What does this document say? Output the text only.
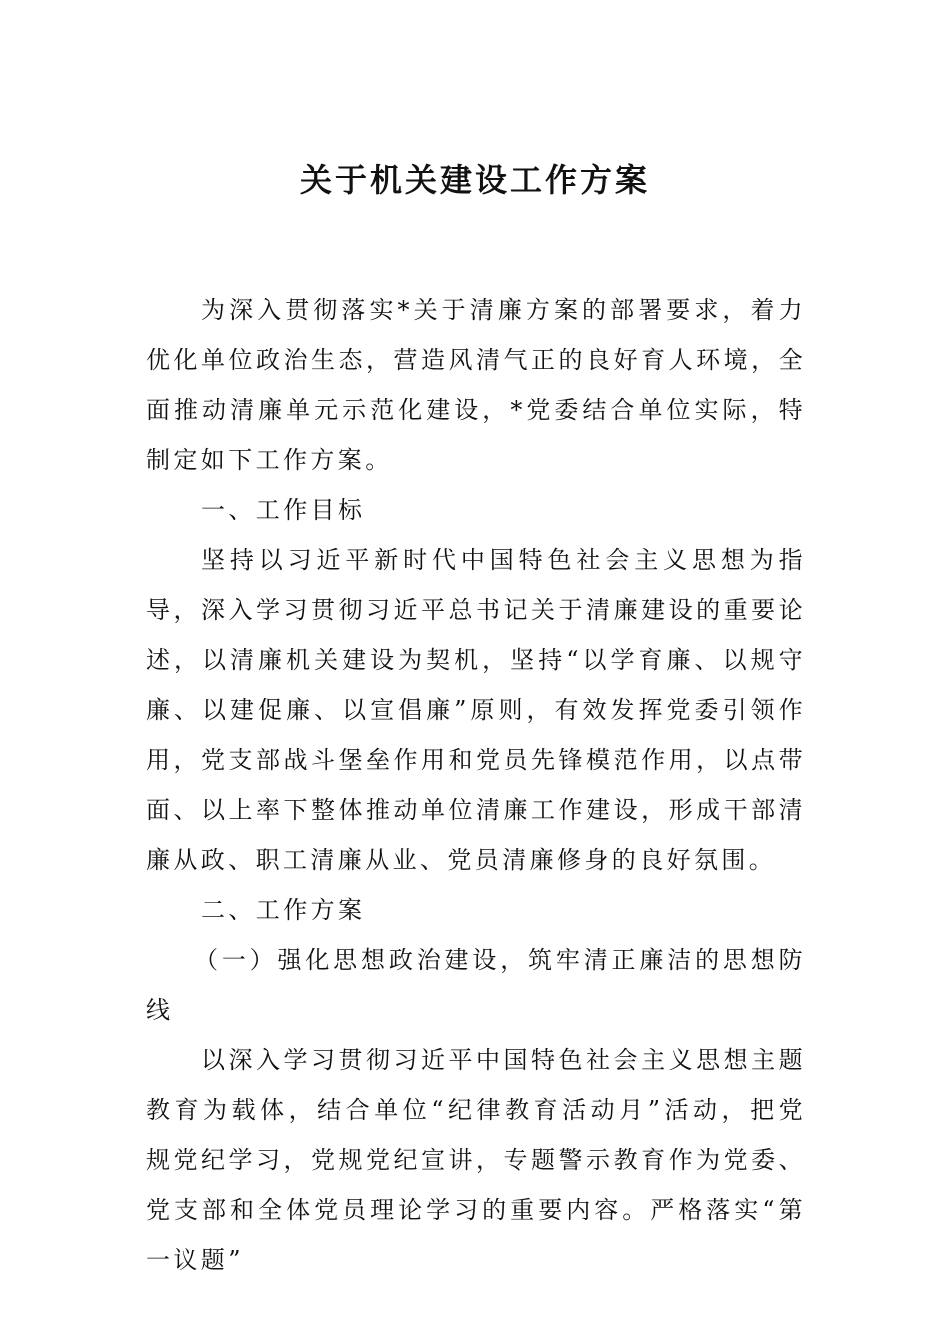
关于机关建设工作方案

为深入贯彻落实*关于清廉方案的部署要求，着力优化单位政治生态，营造风清气正的良好育人环境，全面推动清廉单元示范化建设，*党委结合单位实际，特制定如下工作方案。

一、工作目标

坚持以习近平新时代中国特色社会主义思想为指导，深入学习贯彻习近平总书记关于清廉建设的重要论述，以清廉机关建设为契机，坚持“以学育廉、以规守廉、以建促廉、以宣倡廉”原则，有效发挥党委引领作用，党支部战斗堡垒作用和党员先锋模范作用，以点带面、以上率下整体推动单位清廉工作建设，形成干部清廉从政、职工清廉从业、党员清廉修身的良好氛围。

二、工作方案

（一）强化思想政治建设，筑牢清正廉洁的思想防线

以深入学习贯彻习近平中国特色社会主义思想主题教育为载体，结合单位“纪律教育活动月”活动，把党规党纪学习，党规党纪宣讲，专题警示教育作为党委、党支部和全体党员理论学习的重要内容。严格落实“第一议题”
